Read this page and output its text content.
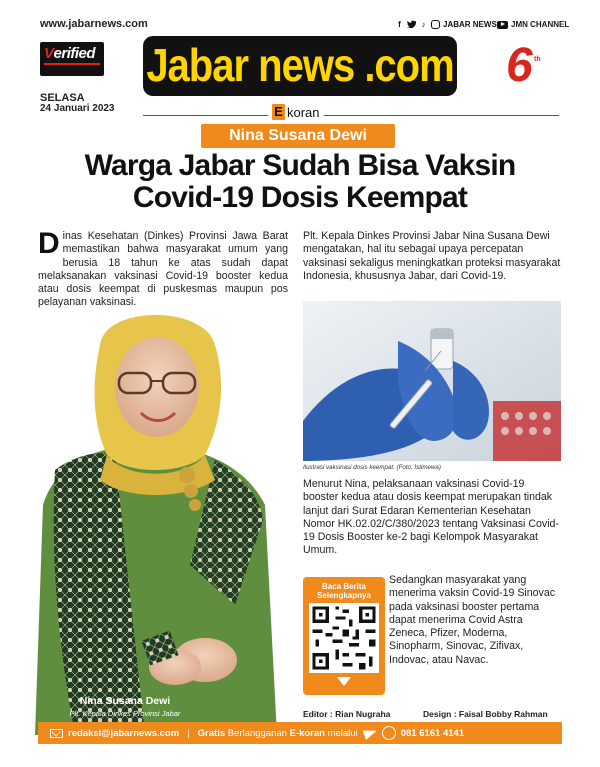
www.jabarnews.com	f	♪	JABAR NEWS JMN CHANNEL
Verified Jabar news .com 6 th
SELASA
24 Januari 2023	E koran
Nina Susana Dewi
Warga Jabar Sudah Bisa Vaksin
Covid-19 Dosis Keempat
Dinas Kesehatan (Dinkes) Provinsi Jawa Barat memastikan bahwa masyarakat umum yang berusia 18 tahun ke atas sudah dapat melaksanakan vaksinasi Covid-19 booster kedua atau dosis keempat di puskesmas maupun pos pelayanan vaksinasi.
Nina Susana Dewi
Plt. Kepala Dinkes Provinsi Jabar
Plt. Kepala Dinkes Provinsi Jabar Nina Susana Dewi mengatakan, hal itu sebagai upaya percepatan vaksinasi sekaligus meningkatkan proteksi masyarakat Indonesia, khususnya Jabar, dari Covid-19.
Ilustrasi vaksinasi dosis keempat. (Foto: Istimewa)
Menurut Nina, pelaksanaan vaksinasi Covid-19 booster kedua atau dosis keempat merupakan tindak lanjut dari Surat Edaran Kementerian Kesehatan Nomor HK.02.02/C/380/2023 tentang Vaksinasi Covid-19 Dosis Booster ke-2 bagi Kelompok Masyarakat Umum.
Baca Berita
Selengkapnya
Sedangkan masyarakat yang menerima vaksin Covid-19 Sinovac pada vaksinasi booster pertama dapat menerima Covid Astra Zeneca, Pfizer, Moderna, Sinopharm, Sinovac, Zifivax, Indovac, atau Navac.
Editor : Rian Nugraha	Design : Faisal Bobby Rahman
redaksi@jabarnews.com | Gratis
Berlangganan
E-koran
melalui	081 6161 4141
